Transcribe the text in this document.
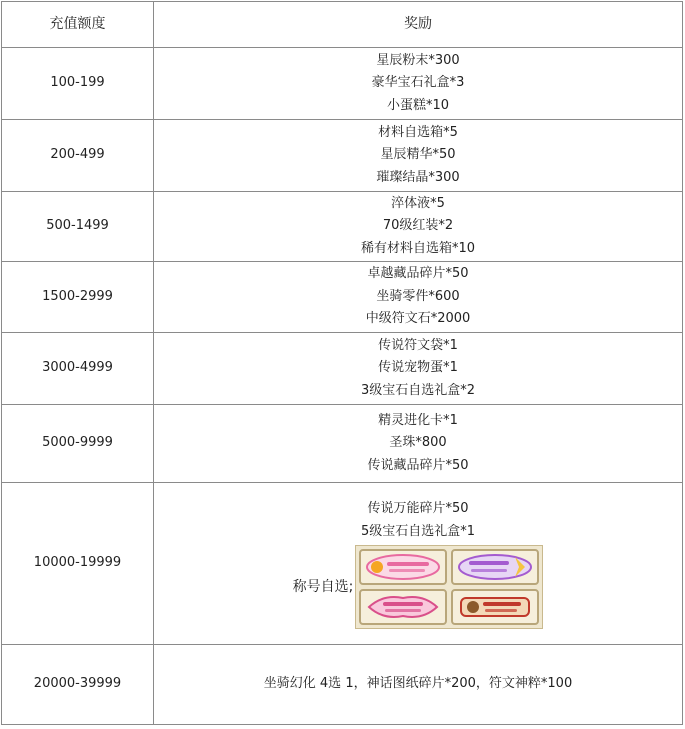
充值额度	奖励
100-199	星辰粉末*300
豪华宝石礼盒*3
小蛋糕*10

200-499	材料自选箱*5
星辰精华*50
璀璨结晶*300

500-1499	淬体液*5
70级红装*2
稀有材料自选箱*10

1500-2999	卓越藏品碎片*50
坐骑零件*600
中级符文石*2000

3000-4999	传说符文袋*1
传说宠物蛋*1
3级宝石自选礼盒*2

5000-9999	精灵进化卡*1
圣珠*800
传说藏品碎片*50

10000-19999	传说万能碎片*50
5级宝石自选礼盒*1
称号自选;

20000-39999	坐骑幻化 4选 1，神话图纸碎片*200，符文神粹*100
